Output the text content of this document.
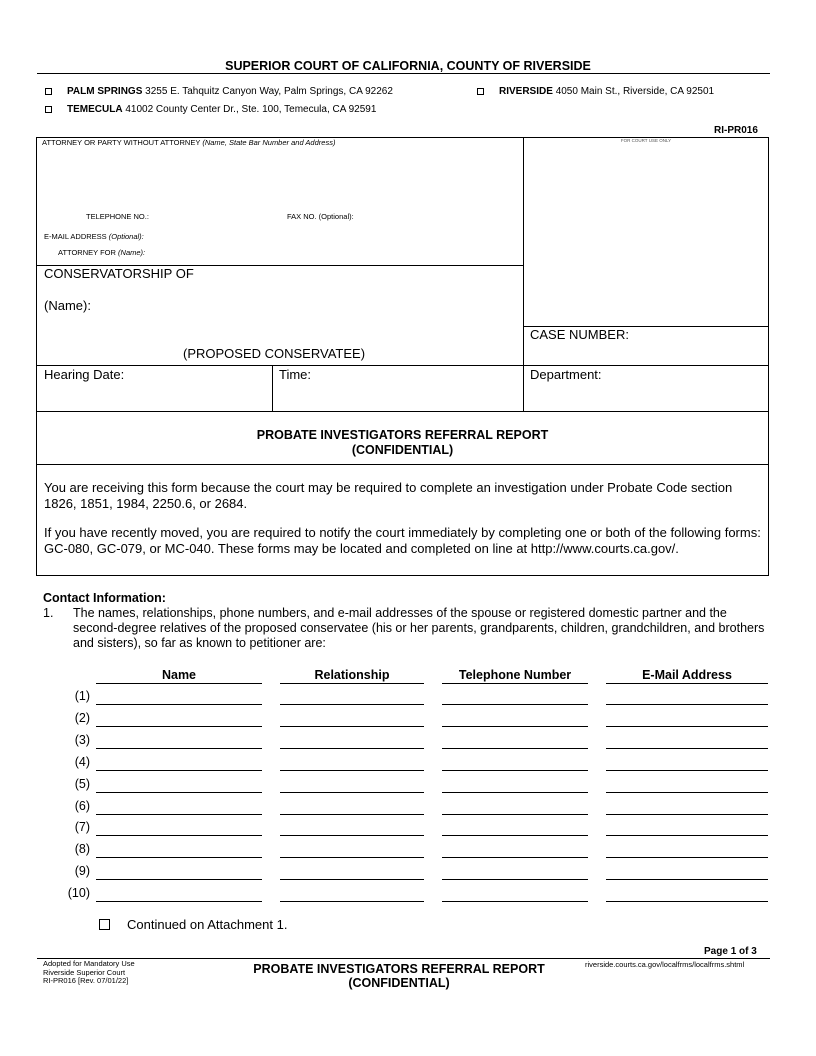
SUPERIOR COURT OF CALIFORNIA, COUNTY OF RIVERSIDE
PALM SPRINGS 3255 E. Tahquitz Canyon Way, Palm Springs, CA 92262
TEMECULA 41002 County Center Dr., Ste. 100, Temecula, CA 92591
RIVERSIDE 4050 Main St., Riverside, CA 92501
RI-PR016
ATTORNEY OR PARTY WITHOUT ATTORNEY (Name, State Bar Number and Address)
TELEPHONE NO.:	FAX NO. (Optional):
E-MAIL ADDRESS (Optional):
ATTORNEY FOR (Name):
FOR COURT USE ONLY
CONSERVATORSHIP OF
(Name):
(PROPOSED CONSERVATEE)
CASE NUMBER:
Hearing Date:	Time:	Department:
PROBATE INVESTIGATORS REFERRAL REPORT
(CONFIDENTIAL)
You are receiving this form because the court may be required to complete an investigation under Probate Code section 1826, 1851, 1984, 2250.6, or 2684.
If you have recently moved, you are required to notify the court immediately by completing one or both of the following forms: GC-080, GC-079, or MC-040. These forms may be located and completed on line at http://www.courts.ca.gov/.
Contact Information:
1. The names, relationships, phone numbers, and e-mail addresses of the spouse or registered domestic partner and the second-degree relatives of the proposed conservatee (his or her parents, grandparents, children, grandchildren, and brothers and sisters), so far as known to petitioner are:
Name	Relationship	Telephone Number	E-Mail Address
(1)
(2)
(3)
(4)
(5)
(6)
(7)
(8)
(9)
(10)
Continued on Attachment 1.
Page 1 of 3
Adopted for Mandatory Use
Riverside Superior Court
RI-PR016 [Rev. 07/01/22]
PROBATE INVESTIGATORS REFERRAL REPORT
(CONFIDENTIAL)
riverside.courts.ca.gov/localfrms/localfrms.shtml
